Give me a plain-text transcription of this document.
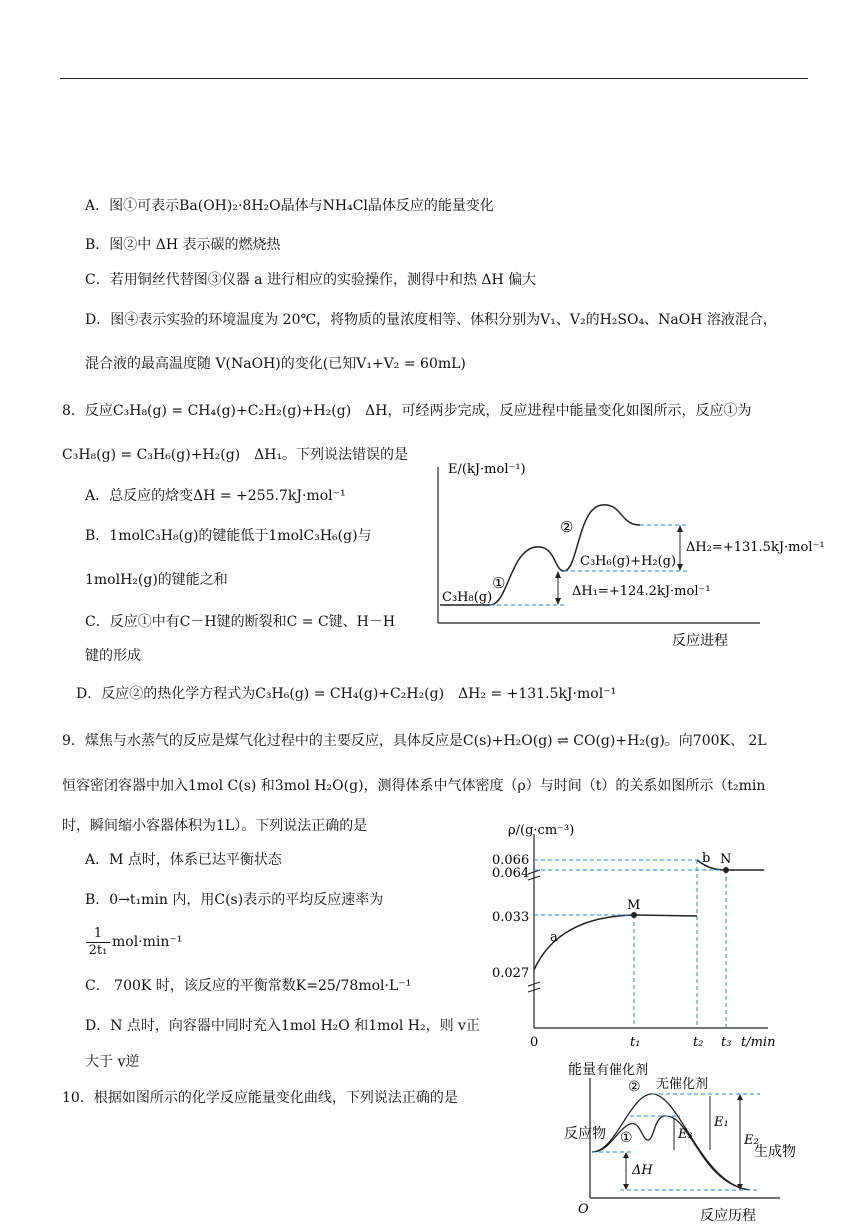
A．图①可表示Ba(OH)₂·8H₂O晶体与NH₄Cl晶体反应的能量变化
B．图②中 ΔH 表示碳的燃烧热
C．若用铜丝代替图③仪器 a 进行相应的实验操作，测得中和热 ΔH 偏大
D．图④表示实验的环境温度为 20℃，将物质的量浓度相等、体积分别为V₁、V₂的H₂SO₄、NaOH 溶液混合，
混合液的最高温度随 V(NaOH)的变化(已知V₁+V₂ = 60mL)
8．反应C₃H₈(g) = CH₄(g)+C₂H₂(g)+H₂(g)　ΔH，可经两步完成，反应进程中能量变化如图所示，反应①为
C₃H₈(g) = C₃H₆(g)+H₂(g)　ΔH₁。下列说法错误的是
A．总反应的焓变ΔH = +255.7kJ·mol⁻¹
B．1molC₃H₈(g)的键能低于1molC₃H₆(g)与
1molH₂(g)的键能之和
C．反应①中有C－H键的断裂和C = C键、H－H
键的形成
D．反应②的热化学方程式为C₃H₆(g) = CH₄(g)+C₂H₂(g)　ΔH₂ = +131.5kJ·mol⁻¹
E/(kJ·mol⁻¹)
反应进程
C₃H₈(g)
①
②
C₃H₆(g)+H₂(g)
ΔH₁=+124.2kJ·mol⁻¹
ΔH₂=+131.5kJ·mol⁻¹
9．煤焦与水蒸气的反应是煤气化过程中的主要反应，具体反应是C(s)+H₂O(g) ⇌ CO(g)+H₂(g)。向700K、 2L
恒容密闭容器中加入1mol C(s) 和3mol H₂O(g)，测得体系中气体密度（ρ）与时间（t）的关系如图所示（t₂min
时，瞬间缩小容器体积为1L）。下列说法正确的是
A．M 点时，体系已达平衡状态
B．0→t₁min 内，用C(s)表示的平均反应速率为
$\frac{1}{\text{2t₁}} mol\cdot\min^{-1}$
C． 700K 时，该反应的平衡常数K=25/78mol·L⁻¹
D．N 点时，向容器中同时充入1mol H₂O 和1mol H₂，则 v正
大于 v逆
ρ/(g·cm⁻³)
t/min
0
0.066
0.064
0.033
0.027
t₁	t₂ t₃
M
N
a
b
10．根据如图所示的化学反应能量变化曲线，下列说法正确的是
能量
反应历程
O
有催化剂
无催化剂
②
①
反应物
生成物
ΔH
E₃
E₁
E₂
